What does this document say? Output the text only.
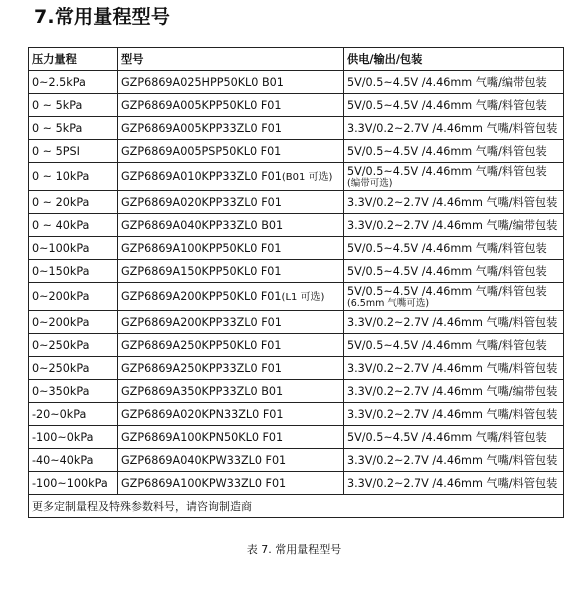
7.常用量程型号
压力量程	型号	供电/输出/包装
0~2.5kPa	GZP6869A025HPP50KL0 B01	5V/0.5~4.5V /4.46mm 气嘴/编带包装

0 ~ 5kPa	GZP6869A005KPP50KL0 F01	5V/0.5~4.5V /4.46mm 气嘴/料管包装

0 ~ 5kPa	GZP6869A005KPP33ZL0 F01	3.3V/0.2~2.7V /4.46mm 气嘴/料管包装

0 ~ 5PSI	GZP6869A005PSP50KL0 F01	5V/0.5~4.5V /4.46mm 气嘴/料管包装

0 ~ 10kPa	GZP6869A010KPP33ZL0 F01(B01 可选)	5V/0.5~4.5V /4.46mm 气嘴/料管包装
(编带可选)

0 ~ 20kPa	GZP6869A020KPP33ZL0 F01	3.3V/0.2~2.7V /4.46mm 气嘴/料管包装

0 ~ 40kPa	GZP6869A040KPP33ZL0 B01	3.3V/0.2~2.7V /4.46mm 气嘴/编带包装

0~100kPa	GZP6869A100KPP50KL0 F01	5V/0.5~4.5V /4.46mm 气嘴/料管包装

0~150kPa	GZP6869A150KPP50KL0 F01	5V/0.5~4.5V /4.46mm 气嘴/料管包装

0~200kPa	GZP6869A200KPP50KL0 F01(L1 可选)	5V/0.5~4.5V /4.46mm 气嘴/料管包装
(6.5mm 气嘴可选)

0~200kPa	GZP6869A200KPP33ZL0 F01	3.3V/0.2~2.7V /4.46mm 气嘴/料管包装

0~250kPa	GZP6869A250KPP50KL0 F01	5V/0.5~4.5V /4.46mm 气嘴/料管包装

0~250kPa	GZP6869A250KPP33ZL0 F01	3.3V/0.2~2.7V /4.46mm 气嘴/料管包装

0~350kPa	GZP6869A350KPP33ZL0 B01	3.3V/0.2~2.7V /4.46mm 气嘴/编带包装

-20~0kPa	GZP6869A020KPN33ZL0 F01	3.3V/0.2~2.7V /4.46mm 气嘴/料管包装

-100~0kPa	GZP6869A100KPN50KL0 F01	5V/0.5~4.5V /4.46mm 气嘴/料管包装

-40~40kPa	GZP6869A040KPW33ZL0 F01	3.3V/0.2~2.7V /4.46mm 气嘴/料管包装

-100~100kPa	GZP6869A100KPW33ZL0 F01	3.3V/0.2~2.7V /4.46mm 气嘴/料管包装

更多定制量程及特殊参数料号，请咨询制造商		
表 7. 常用量程型号
